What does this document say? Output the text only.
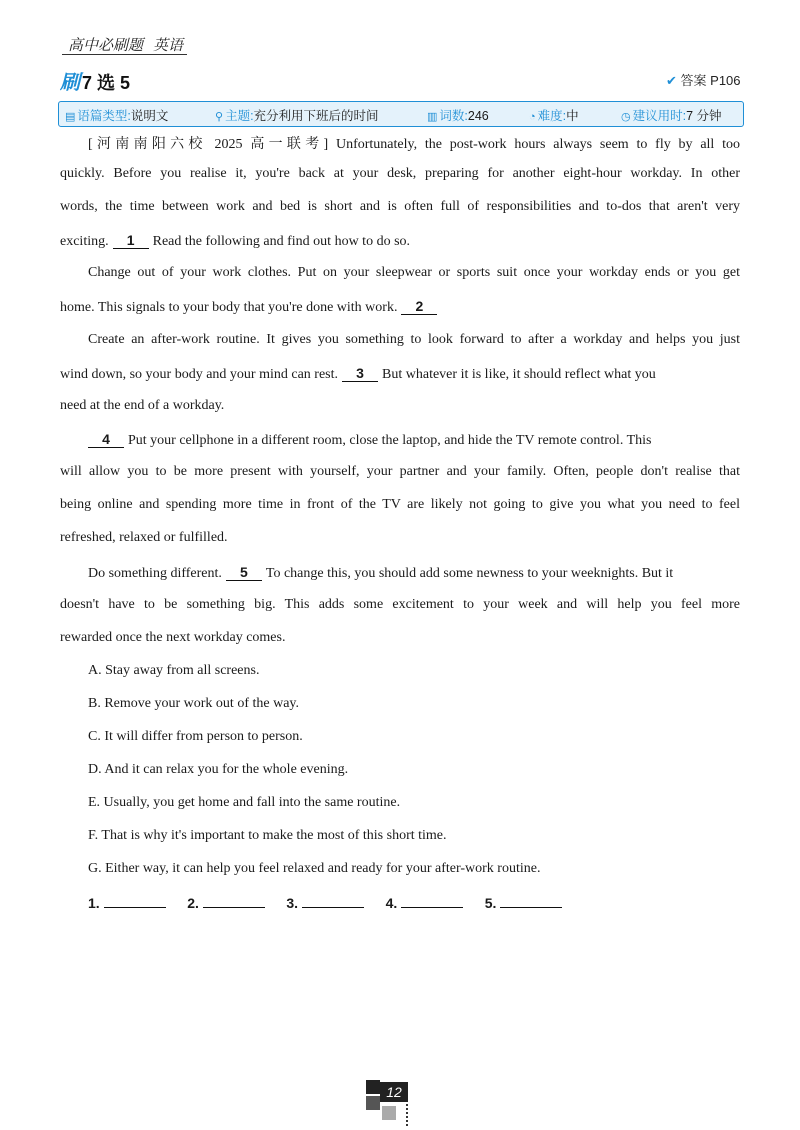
高中必刷题 英语
刷 7 选 5	✔ 答案 P106
▤ 语篇类型:说明文	⚲ 主题:充分利用下班后的时间	▥ 词数:246	◔ 难度:中	◷ 建议用时:7 分钟
[河南南阳六校 2025 高一联考] Unfortunately, the post-work hours always seem to fly by all too
quickly. Before you realise it, you're back at your desk, preparing for another eight-hour workday. In other
words, the time between work and bed is short and is often full of responsibilities and to-dos that aren't very
exciting. 1 Read the following and find out how to do so.
Change out of your work clothes. Put on your sleepwear or sports suit once your workday ends or you get
home. This signals to your body that you're done with work. 2
Create an after-work routine. It gives you something to look forward to after a workday and helps you just
wind down, so your body and your mind can rest. 3 But whatever it is like, it should reflect what you
need at the end of a workday.
4 Put your cellphone in a different room, close the laptop, and hide the TV remote control. This
will allow you to be more present with yourself, your partner and your family. Often, people don't realise that
being online and spending more time in front of the TV are likely not going to give you what you need to feel
refreshed, relaxed or fulfilled.
Do something different. 5 To change this, you should add some newness to your weeknights. But it
doesn't have to be something big. This adds some excitement to your week and will help you feel more
rewarded once the next workday comes.
A. Stay away from all screens.
B. Remove your work out of the way.
C. It will differ from person to person.
D. And it can relax you for the whole evening.
E. Usually, you get home and fall into the same routine.
F. That is why it's important to make the most of this short time.
G. Either way, it can help you feel relaxed and ready for your after-work routine.
1.	2.	3.	4.	5.
12
